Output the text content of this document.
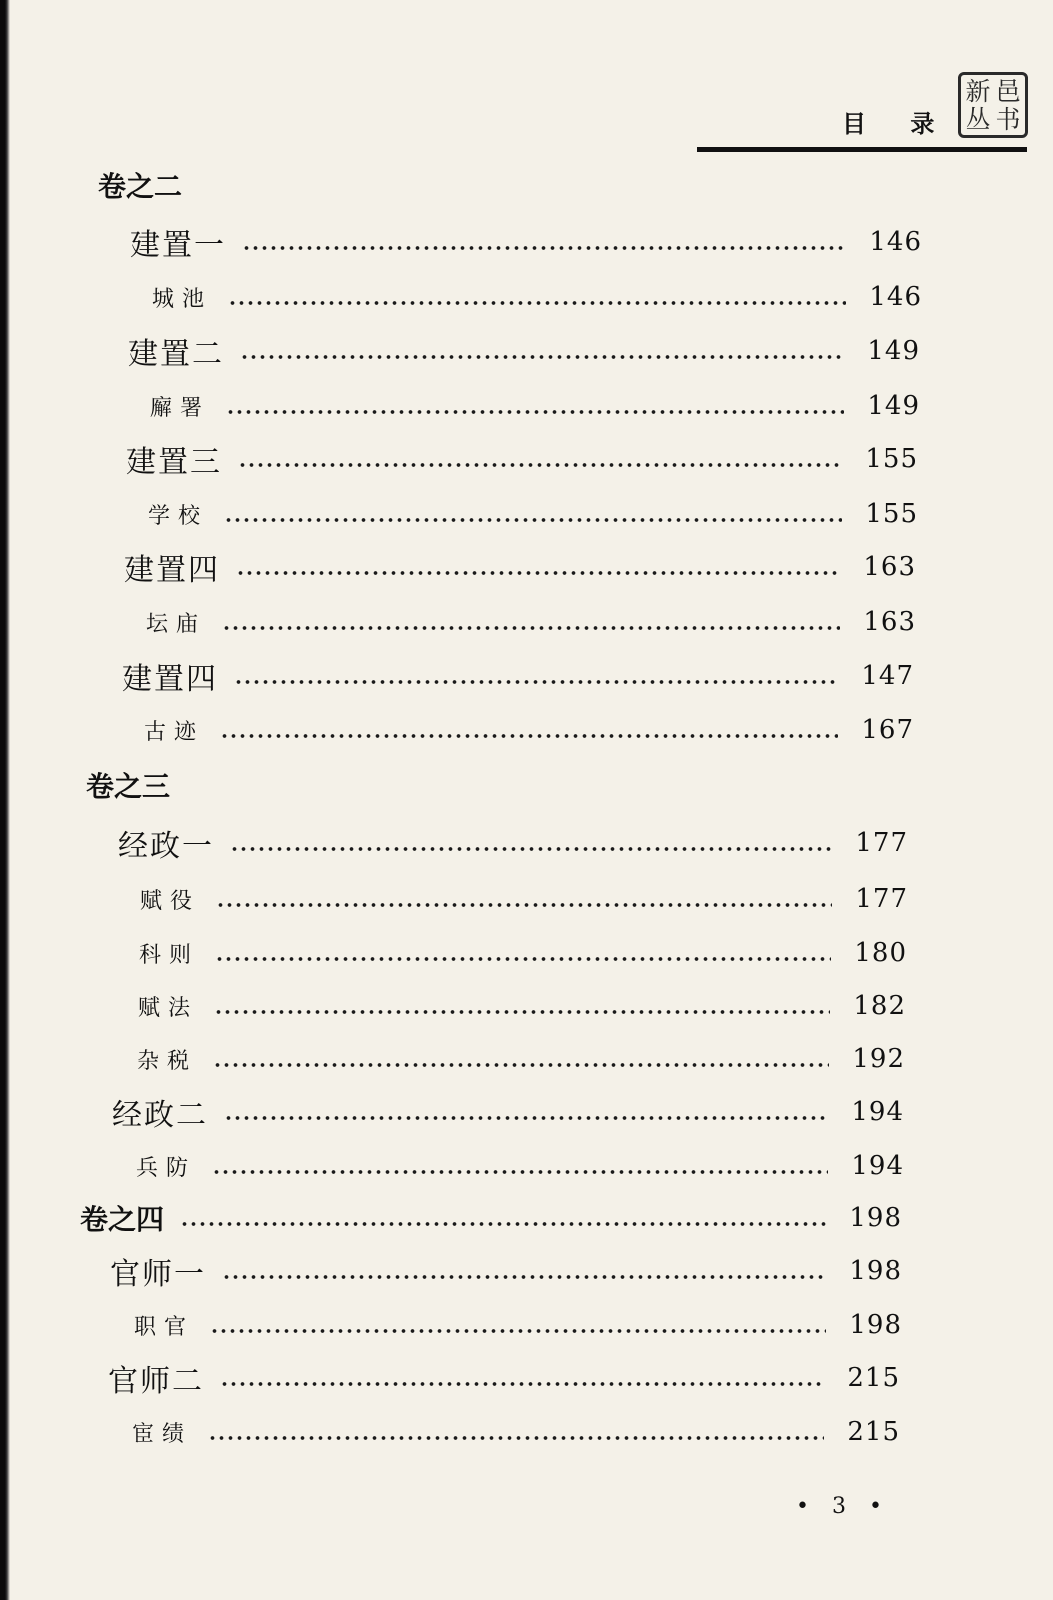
新 邑
丛 书
目 录
卷之二
建置一	146
城池	146
建置二	149
廨署	149
建置三	155
学校	155
建置四	163
坛庙	163
建置四	147
古迹	167
卷之三
经政一	177
赋役	177
科则	180
赋法	182
杂税	192
经政二	194
兵防	194
卷之四	198
官师一	198
职官	198
官师二	215
宦绩	215
• 3 •
